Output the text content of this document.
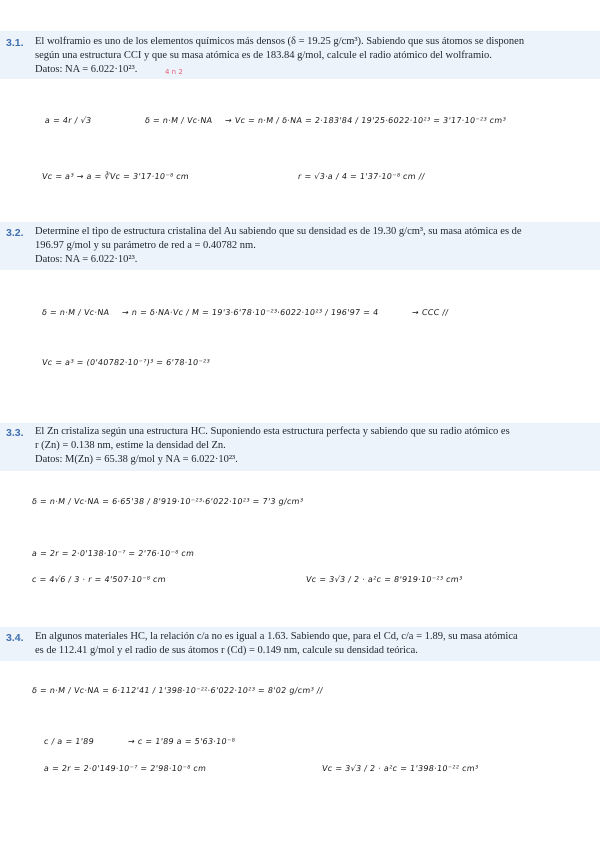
3.1. El wolframio es uno de los elementos químicos más densos (δ = 19.25 g/cm³). Sabiendo que sus átomos se disponen
según una estructura CCI y que su masa atómica es de 183.84 g/mol, calcule el radio atómico del wolframio.
Datos: NA = 6.022·10²³.	4 n 2
a = 4r / √3	δ = n·M / Vc·NA → Vc = n·M / δ·NA = 2·183'84 / 19'25·6022·10²³ = 3'17·10⁻²³ cm³
Vc = a³ → a = ∛Vc = 3'17·10⁻⁸ cm	r = √3·a / 4 = 1'37·10⁻⁸ cm //
3.2. Determine el tipo de estructura cristalina del Au sabiendo que su densidad es de 19.30 g/cm³, su masa atómica es de
196.97 g/mol y su parámetro de red a = 0.40782 nm.
Datos: NA = 6.022·10²³.
δ = n·M / Vc·NA → n = δ·NA·Vc / M = 19'3·6'78·10⁻²³·6022·10²³ / 196'97 = 4	→ CCC //
Vc = a³ = (0'40782·10⁻⁷)³ = 6'78·10⁻²³
3.3. El Zn cristaliza según una estructura HC. Suponiendo esta estructura perfecta y sabiendo que su radio atómico es
r (Zn) = 0.138 nm, estime la densidad del Zn.
Datos: M(Zn) = 65.38 g/mol y NA = 6.022·10²³.
δ = n·M / Vc·NA = 6·65'38 / 8'919·10⁻²³·6'022·10²³ = 7'3 g/cm³
a = 2r = 2·0'138·10⁻⁷ = 2'76·10⁻⁸ cm
c = 4√6 / 3 · r = 4'507·10⁻⁸ cm	Vc = 3√3 / 2 · a²c = 8'919·10⁻²³ cm³
3.4. En algunos materiales HC, la relación c/a no es igual a 1.63. Sabiendo que, para el Cd, c/a = 1.89, su masa atómica
es de 112.41 g/mol y el radio de sus átomos r (Cd) = 0.149 nm, calcule su densidad teórica.
δ = n·M / Vc·NA = 6·112'41 / 1'398·10⁻²²·6'022·10²³ = 8'02 g/cm³ //
c / a = 1'89	→ c = 1'89 a = 5'63·10⁻⁸
a = 2r = 2·0'149·10⁻⁷ = 2'98·10⁻⁸ cm	Vc = 3√3 / 2 · a²c = 1'398·10⁻²² cm³
